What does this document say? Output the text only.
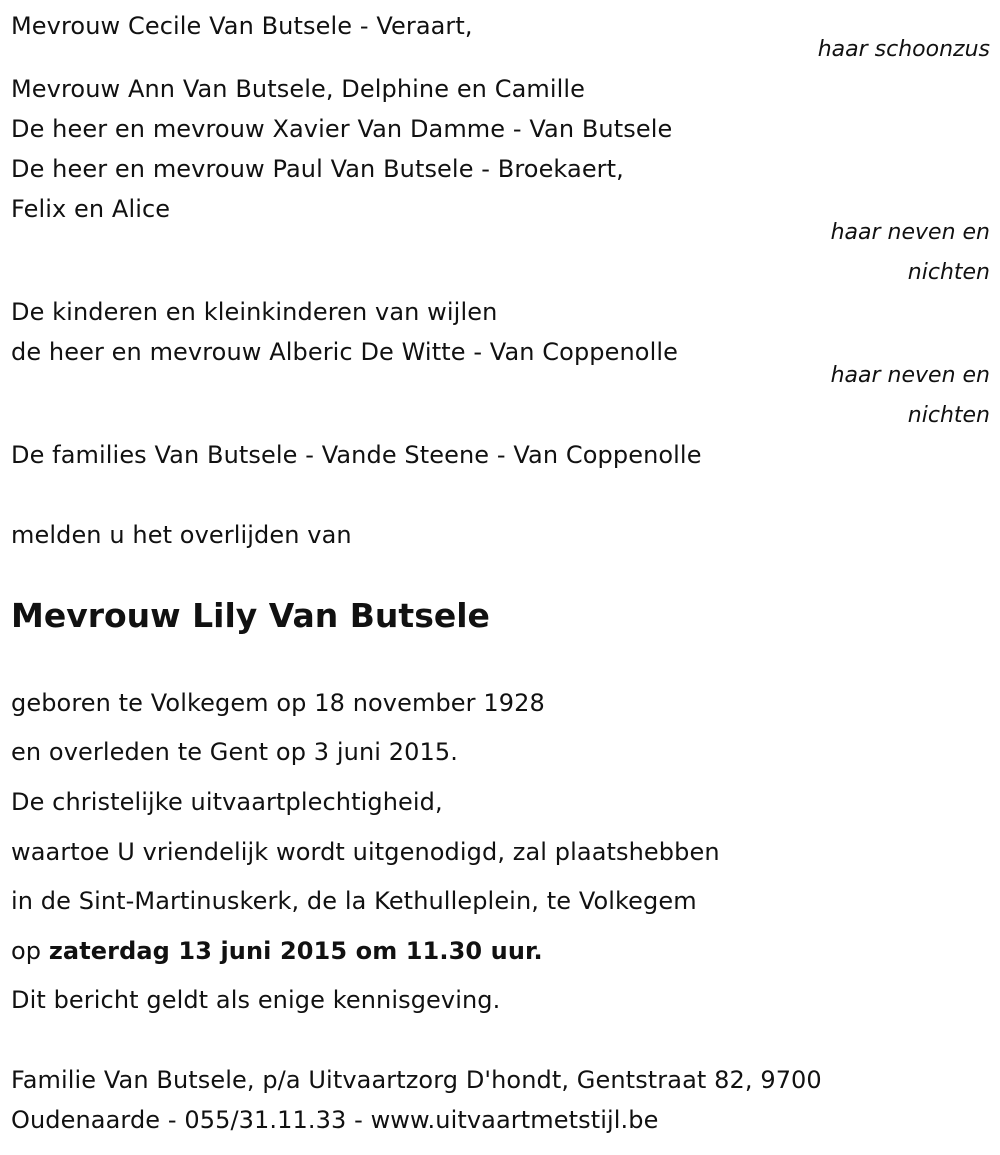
Mevrouw Cecile Van Butsele - Veraart,
haar schoonzus
Mevrouw Ann Van Butsele, Delphine en Camille
De heer en mevrouw Xavier Van Damme - Van Butsele
De heer en mevrouw Paul Van Butsele - Broekaert,
Felix en Alice
haar neven en
nichten
De kinderen en kleinkinderen van wijlen
de heer en mevrouw Alberic De Witte - Van Coppenolle
haar neven en
nichten
De families Van Butsele - Vande Steene - Van Coppenolle
melden u het overlijden van
Mevrouw Lily Van Butsele
geboren te Volkegem op 18 november 1928
en overleden te Gent op 3 juni 2015.
De christelijke uitvaartplechtigheid,
waartoe U vriendelijk wordt uitgenodigd, zal plaatshebben
in de Sint-Martinuskerk, de la Kethulleplein, te Volkegem
op zaterdag 13 juni 2015 om 11.30 uur.
Dit bericht geldt als enige kennisgeving.
Familie Van Butsele, p/a Uitvaartzorg D'hondt, Gentstraat 82, 9700
Oudenaarde - 055/31.11.33 - www.uitvaartmetstijl.be
